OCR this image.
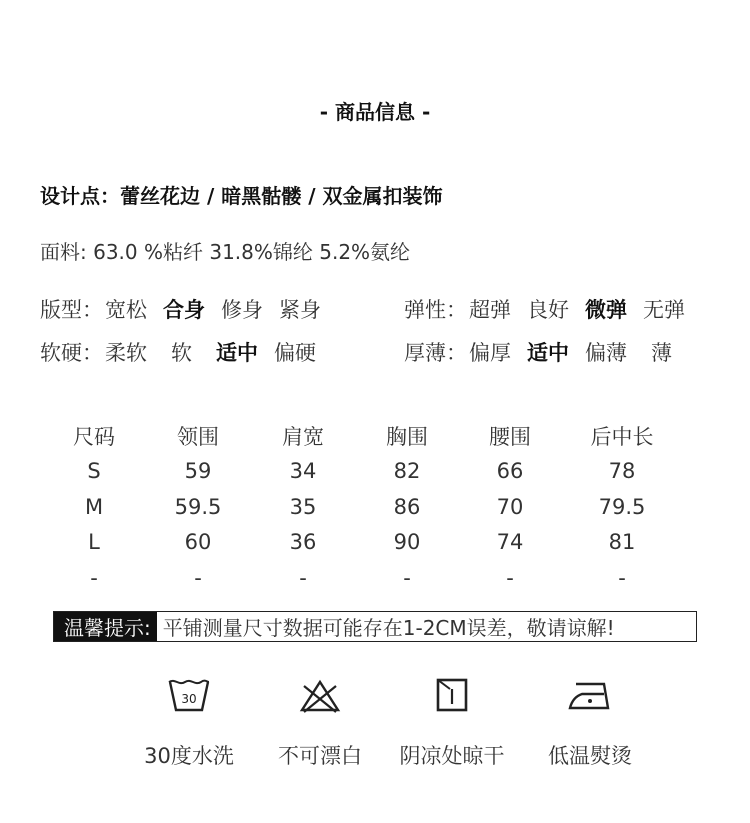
- 商品信息 -
设计点：蕾丝花边 / 暗黑骷髅 / 双金属扣装饰
面料: 63.0 %粘纤 31.8%锦纶 5.2%氨纶
版型： 宽松 合身 修身 紧身	弹性： 超弹 良好 微弹 无弹
软硬： 柔软 软 适中 偏硬	厚薄： 偏厚 适中 偏薄 薄
尺码	领围	肩宽	胸围	腰围	后中长
S	59	34	82	66	78
M	59.5	35	86	70	79.5
L	60	36	90	74	81
-	-	-	-	-	-
温馨提示: 平铺测量尺寸数据可能存在1-2CM误差，敬请谅解!
30
30度水洗 不可漂白 阴凉处晾干 低温熨烫
